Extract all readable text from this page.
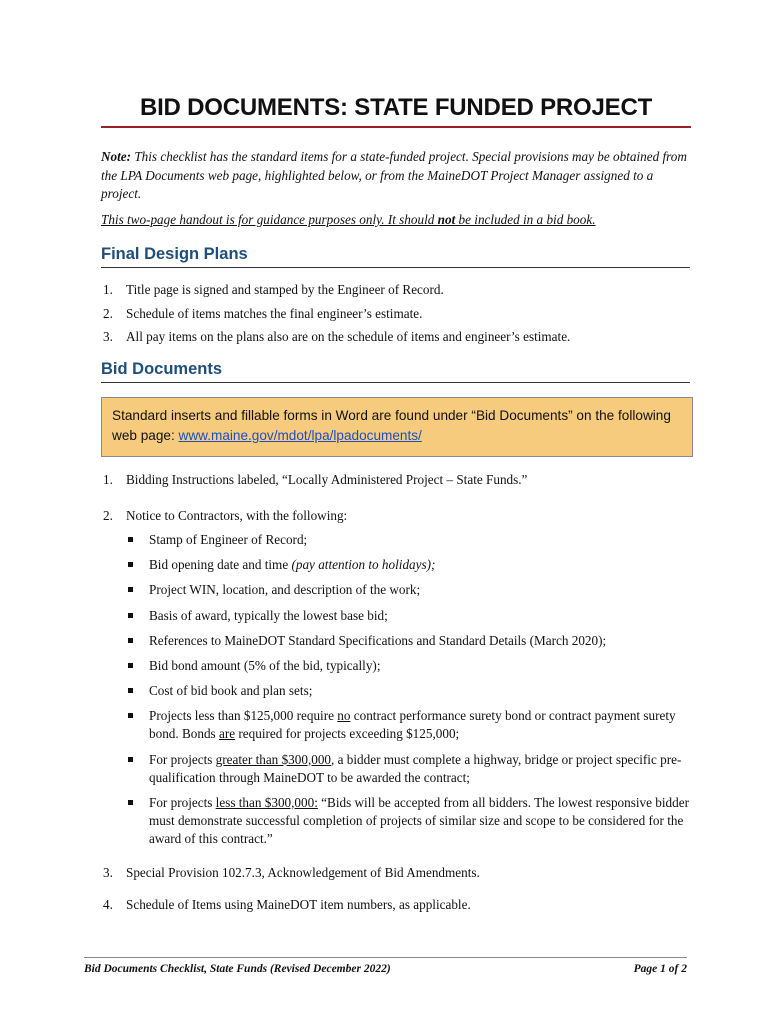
BID DOCUMENTS: STATE FUNDED PROJECT
Note: This checklist has the standard items for a state-funded project. Special provisions may be obtained from the LPA Documents web page, highlighted below, or from the MaineDOT Project Manager assigned to a project.
This two-page handout is for guidance purposes only. It should not be included in a bid book.
Final Design Plans
1. Title page is signed and stamped by the Engineer of Record.
2. Schedule of items matches the final engineer’s estimate.
3. All pay items on the plans also are on the schedule of items and engineer’s estimate.
Bid Documents
Standard inserts and fillable forms in Word are found under “Bid Documents” on the following web page: www.maine.gov/mdot/lpa/lpadocuments/
1. Bidding Instructions labeled, “Locally Administered Project – State Funds.”
2. Notice to Contractors, with the following:
Stamp of Engineer of Record;
Bid opening date and time (pay attention to holidays);
Project WIN, location, and description of the work;
Basis of award, typically the lowest base bid;
References to MaineDOT Standard Specifications and Standard Details (March 2020);
Bid bond amount (5% of the bid, typically);
Cost of bid book and plan sets;
Projects less than $125,000 require no contract performance surety bond or contract payment surety bond. Bonds are required for projects exceeding $125,000;
For projects greater than $300,000, a bidder must complete a highway, bridge or project specific pre-qualification through MaineDOT to be awarded the contract;
For projects less than $300,000: “Bids will be accepted from all bidders. The lowest responsive bidder must demonstrate successful completion of projects of similar size and scope to be considered for the award of this contract.”
3. Special Provision 102.7.3, Acknowledgement of Bid Amendments.
4. Schedule of Items using MaineDOT item numbers, as applicable.
Bid Documents Checklist, State Funds (Revised December 2022)	Page 1 of 2
